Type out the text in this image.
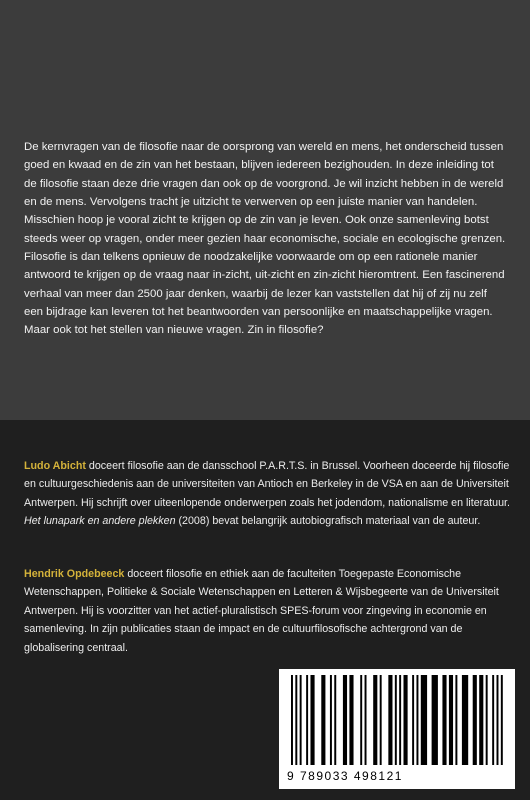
De kernvragen van de filosofie naar de oorsprong van wereld en mens, het onderscheid tussen goed en kwaad en de zin van het bestaan, blijven iedereen bezighouden. In deze inleiding tot de filosofie staan deze drie vragen dan ook op de voorgrond. Je wil inzicht hebben in de wereld en de mens. Vervolgens tracht je uitzicht te verwerven op een juiste manier van handelen. Misschien hoop je vooral zicht te krijgen op de zin van je leven. Ook onze samenleving botst steeds weer op vragen, onder meer gezien haar economische, sociale en ecologische grenzen. Filosofie is dan telkens opnieuw de noodzakelijke voorwaarde om op een rationele manier antwoord te krijgen op de vraag naar in-zicht, uit-zicht en zin-zicht hieromtrent. Een fascinerend verhaal van meer dan 2500 jaar denken, waarbij de lezer kan vaststellen dat hij of zij nu zelf een bijdrage kan leveren tot het beantwoorden van persoonlijke en maatschappelijke vragen. Maar ook tot het stellen van nieuwe vragen. Zin in filosofie?

Ludo Abicht doceert filosofie aan de dansschool P.A.R.T.S. in Brussel. Voorheen doceerde hij filosofie en cultuurgeschiedenis aan de universiteiten van Antioch en Berkeley in de VSA en aan de Universiteit Antwerpen. Hij schrijft over uiteenlopende onderwerpen zoals het jodendom, nationalisme en literatuur. Het lunapark en andere plekken (2008) bevat belangrijk autobiografisch materiaal van de auteur.

Hendrik Opdebeeck doceert filosofie en ethiek aan de faculteiten Toegepaste Economische Wetenschappen, Politieke & Sociale Wetenschappen en Letteren & Wijsbegeerte van de Universiteit Antwerpen. Hij is voorzitter van het actief-pluralistisch SPES-forum voor zingeving in economie en samenleving. In zijn publicaties staan de impact en de cultuurfilosofische achtergrond van de globalisering centraal.

9 789033 498121
